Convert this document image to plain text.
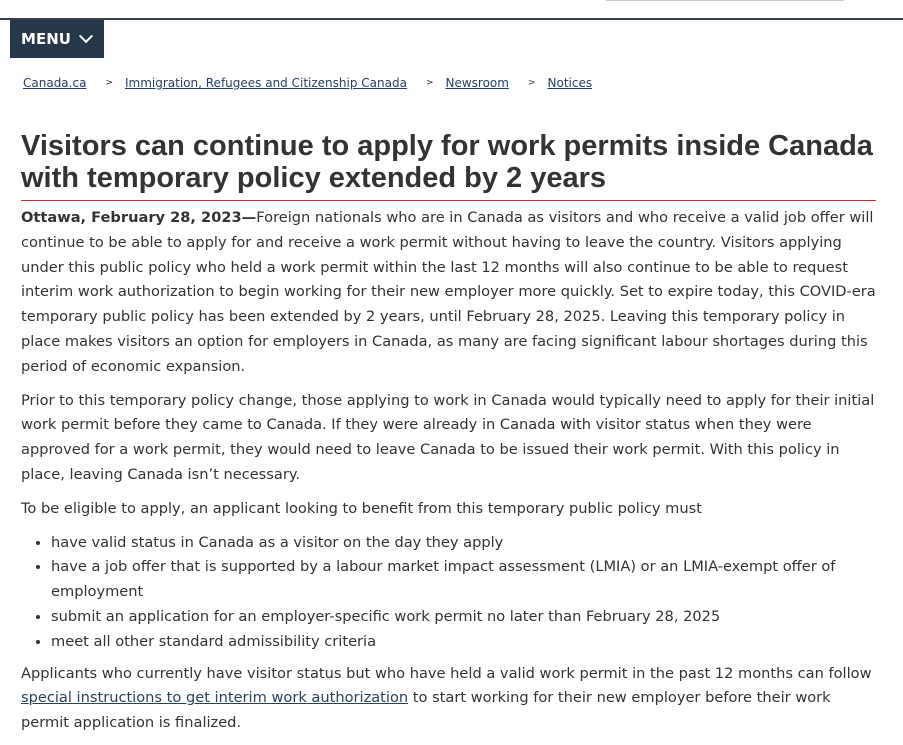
MENU
Canada.ca > Immigration, Refugees and Citizenship Canada > Newsroom > Notices
Visitors can continue to apply for work permits inside Canada with temporary policy extended by 2 years

Ottawa, February 28, 2023—Foreign nationals who are in Canada as visitors and who receive a valid job offer will continue to be able to apply for and receive a work permit without having to leave the country. Visitors applying under this public policy who held a work permit within the last 12 months will also continue to be able to request interim work authorization to begin working for their new employer more quickly. Set to expire today, this COVID-era temporary public policy has been extended by 2 years, until February 28, 2025. Leaving this temporary policy in place makes visitors an option for employers in Canada, as many are facing significant labour shortages during this period of economic expansion.

Prior to this temporary policy change, those applying to work in Canada would typically need to apply for their initial work permit before they came to Canada. If they were already in Canada with visitor status when they were approved for a work permit, they would need to leave Canada to be issued their work permit. With this policy in place, leaving Canada isn’t necessary.

To be eligible to apply, an applicant looking to benefit from this temporary public policy must

• have valid status in Canada as a visitor on the day they apply
• have a job offer that is supported by a labour market impact assessment (LMIA) or an LMIA-exempt offer of employment
• submit an application for an employer-specific work permit no later than February 28, 2025
• meet all other standard admissibility criteria

Applicants who currently have visitor status but who have held a valid work permit in the past 12 months can follow special instructions to get interim work authorization to start working for their new employer before their work permit application is finalized.
